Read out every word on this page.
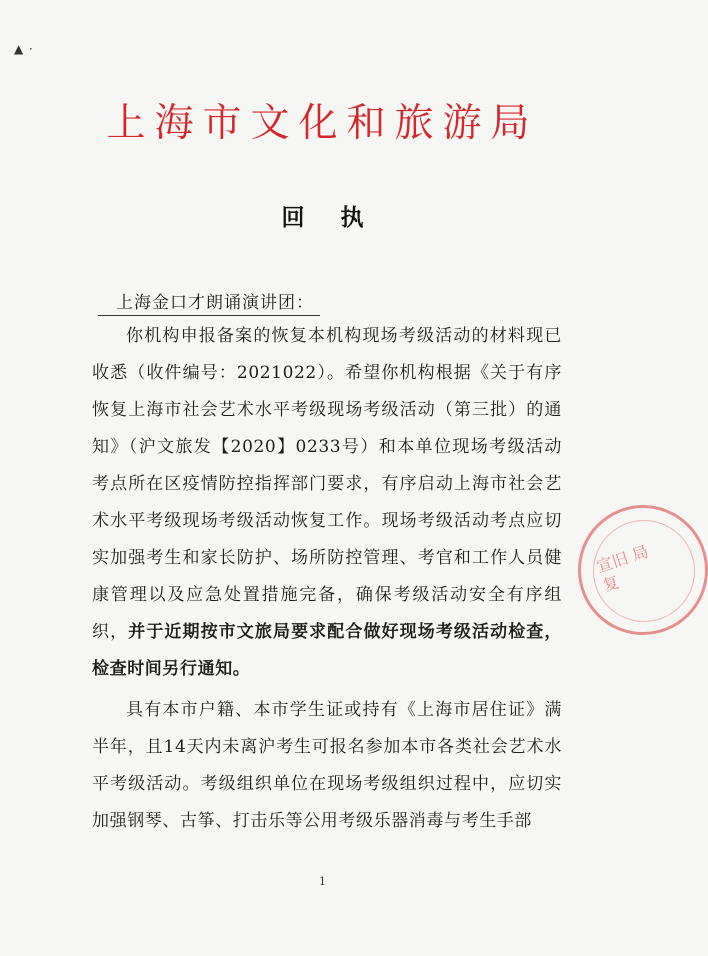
▲ ·
上海市文化和旅游局
回执
上海金口才朗诵演讲团：

你机构申报备案的恢复本机构现场考级活动的材料现已收悉（收件编号：2021022）。希望你机构根据《关于有序恢复上海市社会艺术水平考级现场考级活动（第三批）的通知》（沪文旅发【2020】0233号）和本单位现场考级活动考点所在区疫情防控指挥部门要求，有序启动上海市社会艺术水平考级现场考级活动恢复工作。现场考级活动考点应切实加强考生和家长防护、场所防控管理、考官和工作人员健康管理以及应急处置措施完备，确保考级活动安全有序组织，并于近期按市文旅局要求配合做好现场考级活动检查，检查时间另行通知。

具有本市户籍、本市学生证或持有《上海市居住证》满半年，且14天内未离沪考生可报名参加本市各类社会艺术水平考级活动。考级组织单位在现场考级组织过程中，应切实加强钢琴、古筝、打击乐等公用考级乐器消毒与考生手部

1
宣旧 局复
